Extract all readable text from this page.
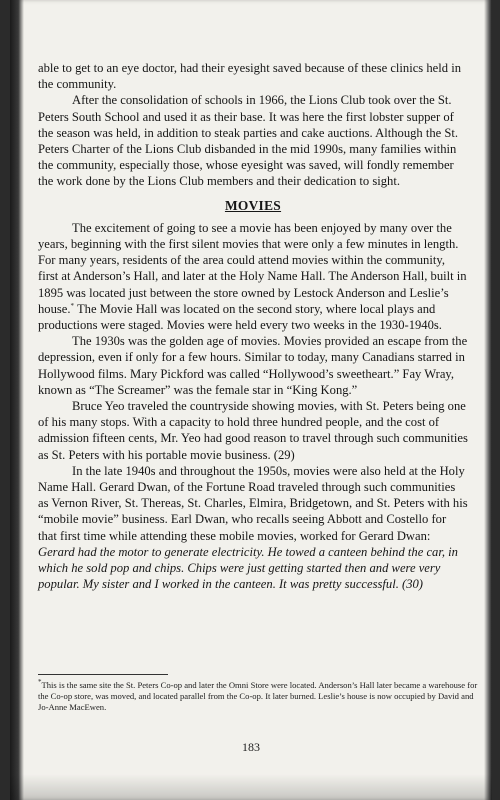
able to get to an eye doctor, had their eyesight saved because of these clinics held in the community.

After the consolidation of schools in 1966, the Lions Club took over the St. Peters South School and used it as their base. It was here the first lobster supper of the season was held, in addition to steak parties and cake auctions. Although the St. Peters Charter of the Lions Club disbanded in the mid 1990s, many families within the community, especially those, whose eyesight was saved, will fondly remember the work done by the Lions Club members and their dedication to sight.

MOVIES

The excitement of going to see a movie has been enjoyed by many over the years, beginning with the first silent movies that were only a few minutes in length. For many years, residents of the area could attend movies within the community, first at Anderson’s Hall, and later at the Holy Name Hall. The Anderson Hall, built in 1895 was located just between the store owned by Lestock Anderson and Leslie’s house.* The Movie Hall was located on the second story, where local plays and productions were staged. Movies were held every two weeks in the 1930-1940s.

The 1930s was the golden age of movies. Movies provided an escape from the depression, even if only for a few hours. Similar to today, many Canadians starred in Hollywood films. Mary Pickford was called “Hollywood’s sweetheart.” Fay Wray, known as “The Screamer” was the female star in “King Kong.”

Bruce Yeo traveled the countryside showing movies, with St. Peters being one of his many stops. With a capacity to hold three hundred people, and the cost of admission fifteen cents, Mr. Yeo had good reason to travel through such communities as St. Peters with his portable movie business. (29)

In the late 1940s and throughout the 1950s, movies were also held at the Holy Name Hall. Gerard Dwan, of the Fortune Road traveled through such communities as Vernon River, St. Thereas, St. Charles, Elmira, Bridgetown, and St. Peters with his “mobile movie” business. Earl Dwan, who recalls seeing Abbott and Costello for that first time while attending these mobile movies, worked for Gerard Dwan:

Gerard had the motor to generate electricity. He towed a canteen behind the car, in which he sold pop and chips. Chips were just getting started then and were very popular. My sister and I worked in the canteen. It was pretty successful. (30)

*This is the same site the St. Peters Co-op and later the Omni Store were located. Anderson’s Hall later became a warehouse for the Co-op store, was moved, and located parallel from the Co-op. It later burned. Leslie’s house is now occupied by David and Jo-Anne MacEwen.
183
